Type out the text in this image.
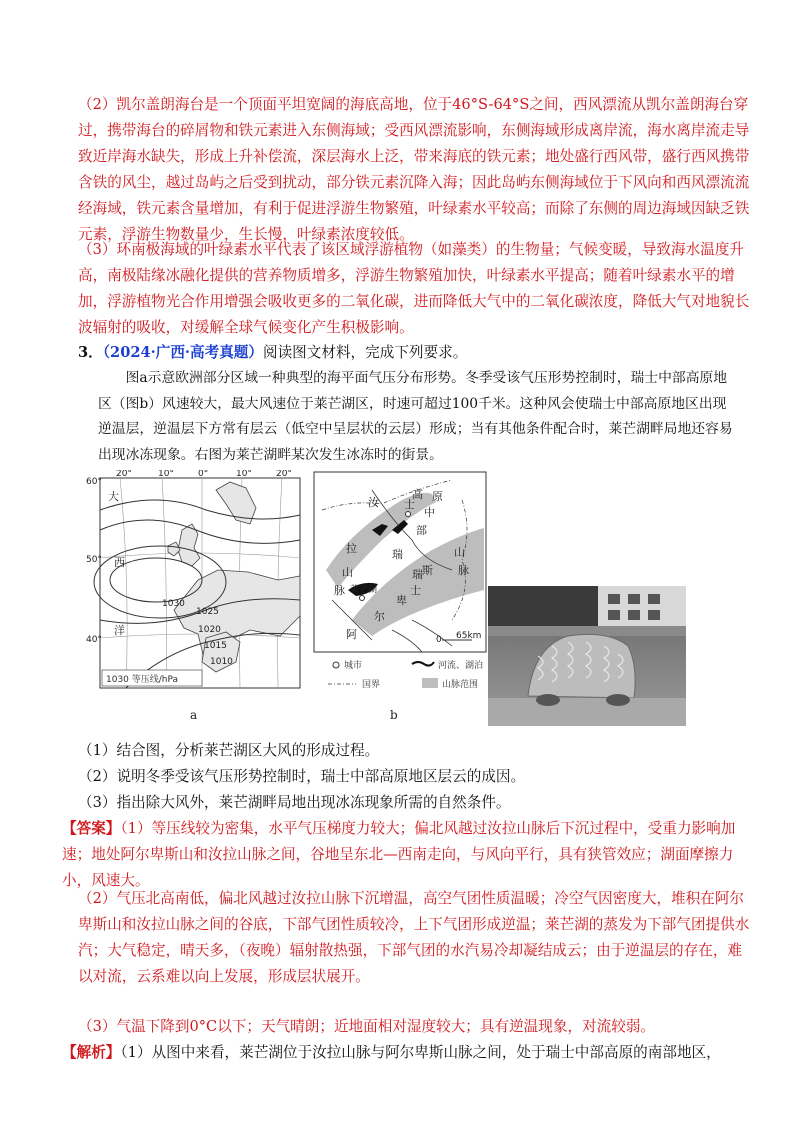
（2）凯尔盖朗海台是一个顶面平坦宽阔的海底高地，位于46°S-64°S之间，西风漂流从凯尔盖朗海台穿过，携带海台的碎屑物和铁元素进入东侧海域；受西风漂流影响，东侧海域形成离岸流，海水离岸流走导致近岸海水缺失，形成上升补偿流，深层海水上泛，带来海底的铁元素；地处盛行西风带，盛行西风携带含铁的风尘，越过岛屿之后受到扰动，部分铁元素沉降入海；因此岛屿东侧海域位于下风向和西风漂流流经海域，铁元素含量增加，有利于促进浮游生物繁殖，叶绿素水平较高；而除了东侧的周边海域因缺乏铁元素，浮游生物数量少，生长慢，叶绿素浓度较低。

（3）环南极海域的叶绿素水平代表了该区域浮游植物（如藻类）的生物量；气候变暖，导致海水温度升高，南极陆缘冰融化提供的营养物质增多，浮游生物繁殖加快，叶绿素水平提高；随着叶绿素水平的增加，浮游植物光合作用增强会吸收更多的二氧化碳，进而降低大气中的二氧化碳浓度，降低大气对地貌长波辐射的吸收，对缓解全球气候变化产生积极影响。

3．（2024·广西·高考真题）阅读图文材料，完成下列要求。

图a示意欧洲部分区域一种典型的海平面气压分布形势。冬季受该气压形势控制时，瑞士中部高原地区（图b）风速较大，最大风速位于莱芒湖区，时速可超过100千米。这种风会使瑞士中部高原地区出现逆温层，逆温层下方常有层云（低空中呈层状的云层）形成；当有其他条件配合时，莱芒湖畔局地还容易出现冰冻现象。右图为莱芒湖畔某次发生冰冻时的街景。

20°	10°	0°	10°	20°
60°
50°
40°
1030
1025
1020
1015
1010
大
西
洋
1030 等压线/hPa
a
汝
拉
山
脉
瑞
士
中
部
高 原
莱芒湖
阿
尔
卑
斯
山
脉
瑞
士
0 65km
城市	河流、湖泊
国界	山脉范围
b

（1）结合图，分析莱芒湖区大风的形成过程。

（2）说明冬季受该气压形势控制时，瑞士中部高原地区层云的成因。

（3）指出除大风外，莱芒湖畔局地出现冰冻现象所需的自然条件。

【答案】（1）等压线较为密集，水平气压梯度力较大；偏北风越过汝拉山脉后下沉过程中，受重力影响加速；地处阿尔卑斯山和汝拉山脉之间，谷地呈东北—西南走向，与风向平行，具有狭管效应；湖面摩擦力小，风速大。

（2）气压北高南低，偏北风越过汝拉山脉下沉增温，高空气团性质温暖；冷空气因密度大，堆积在阿尔卑斯山和汝拉山脉之间的谷底，下部气团性质较冷，上下气团形成逆温；莱芒湖的蒸发为下部气团提供水汽；大气稳定，晴天多，（夜晚）辐射散热强，下部气团的水汽易冷却凝结成云；由于逆温层的存在，难以对流，云系难以向上发展，形成层状展开。

（3）气温下降到0°C以下；天气晴朗；近地面相对湿度较大；具有逆温现象，对流较弱。

【解析】（1）从图中来看，莱芒湖位于汝拉山脉与阿尔卑斯山脉之间，处于瑞士中部高原的南部地区，
